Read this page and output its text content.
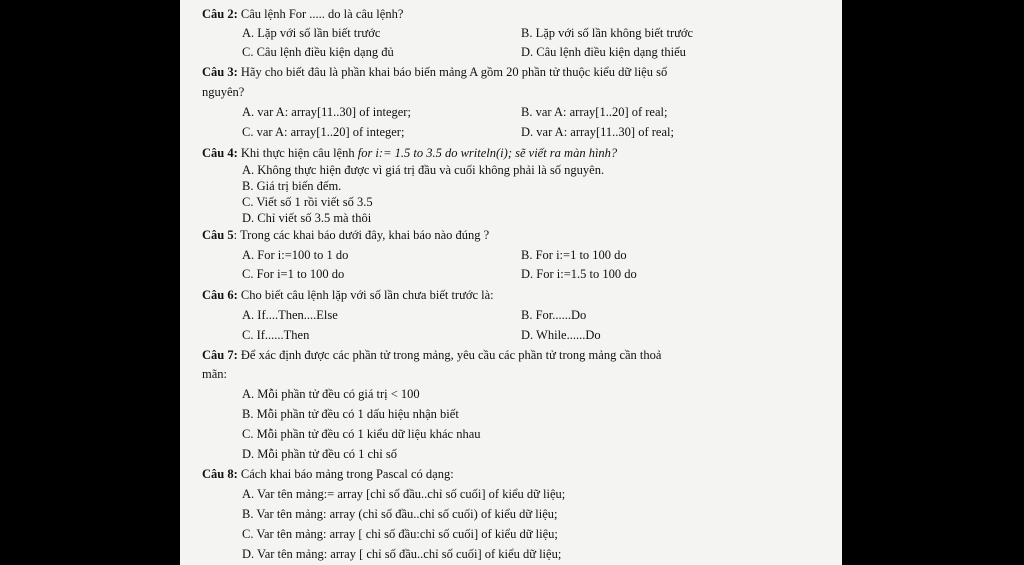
Câu 2: Câu lệnh For ..... do là câu lệnh?
A. Lặp với số lần biết trước	B. Lặp với số lần không biết trước
C. Câu lệnh điều kiện dạng đủ	D. Câu lệnh điều kiện dạng thiếu
Câu 3: Hãy cho biết đâu là phần khai báo biến mảng A gồm 20 phần tử thuộc kiểu dữ liệu số
nguyên?
A. var A: array[11..30] of integer;	B. var A: array[1..20] of real;
C. var A: array[1..20] of integer;	D. var A: array[11..30] of real;
Câu 4: Khi thực hiện câu lệnh for i:= 1.5 to 3.5 do writeln(i); sẽ viết ra màn hình?
A. Không thực hiện được vì giá trị đầu và cuối không phải là số nguyên.
B. Giá trị biến đếm.
C. Viết số 1 rồi viết số 3.5
D. Chỉ viết số 3.5 mà thôi
Câu 5: Trong các khai báo dưới đây, khai báo nào đúng ?
A. For i:=100 to 1 do	B. For i:=1 to 100 do
C. For i=1 to 100 do	D. For i:=1.5 to 100 do
Câu 6: Cho biết câu lệnh lặp với số lần chưa biết trước là:
A. If....Then....Else	B. For......Do
C. If......Then	D. While......Do
Câu 7: Để xác định được các phần tử trong mảng, yêu cầu các phần tử trong mảng cần thoả
mãn:
A. Mỗi phần tử đều có giá trị < 100
B. Mỗi phần tử đều có 1 dấu hiệu nhận biết
C. Mỗi phần tử đều có 1 kiểu dữ liệu khác nhau
D. Mỗi phần tử đều có 1 chỉ số
Câu 8: Cách khai báo mảng trong Pascal có dạng:
A. Var tên mảng:= array [chỉ số đầu..chỉ số cuối] of kiểu dữ liệu;
B. Var tên mảng: array (chỉ số đầu..chỉ số cuối) of kiểu dữ liệu;
C. Var tên mảng: array [ chỉ số đầu:chỉ số cuối] of kiểu dữ liệu;
D. Var tên mảng: array [ chỉ số đầu..chỉ số cuối] of kiểu dữ liệu;
